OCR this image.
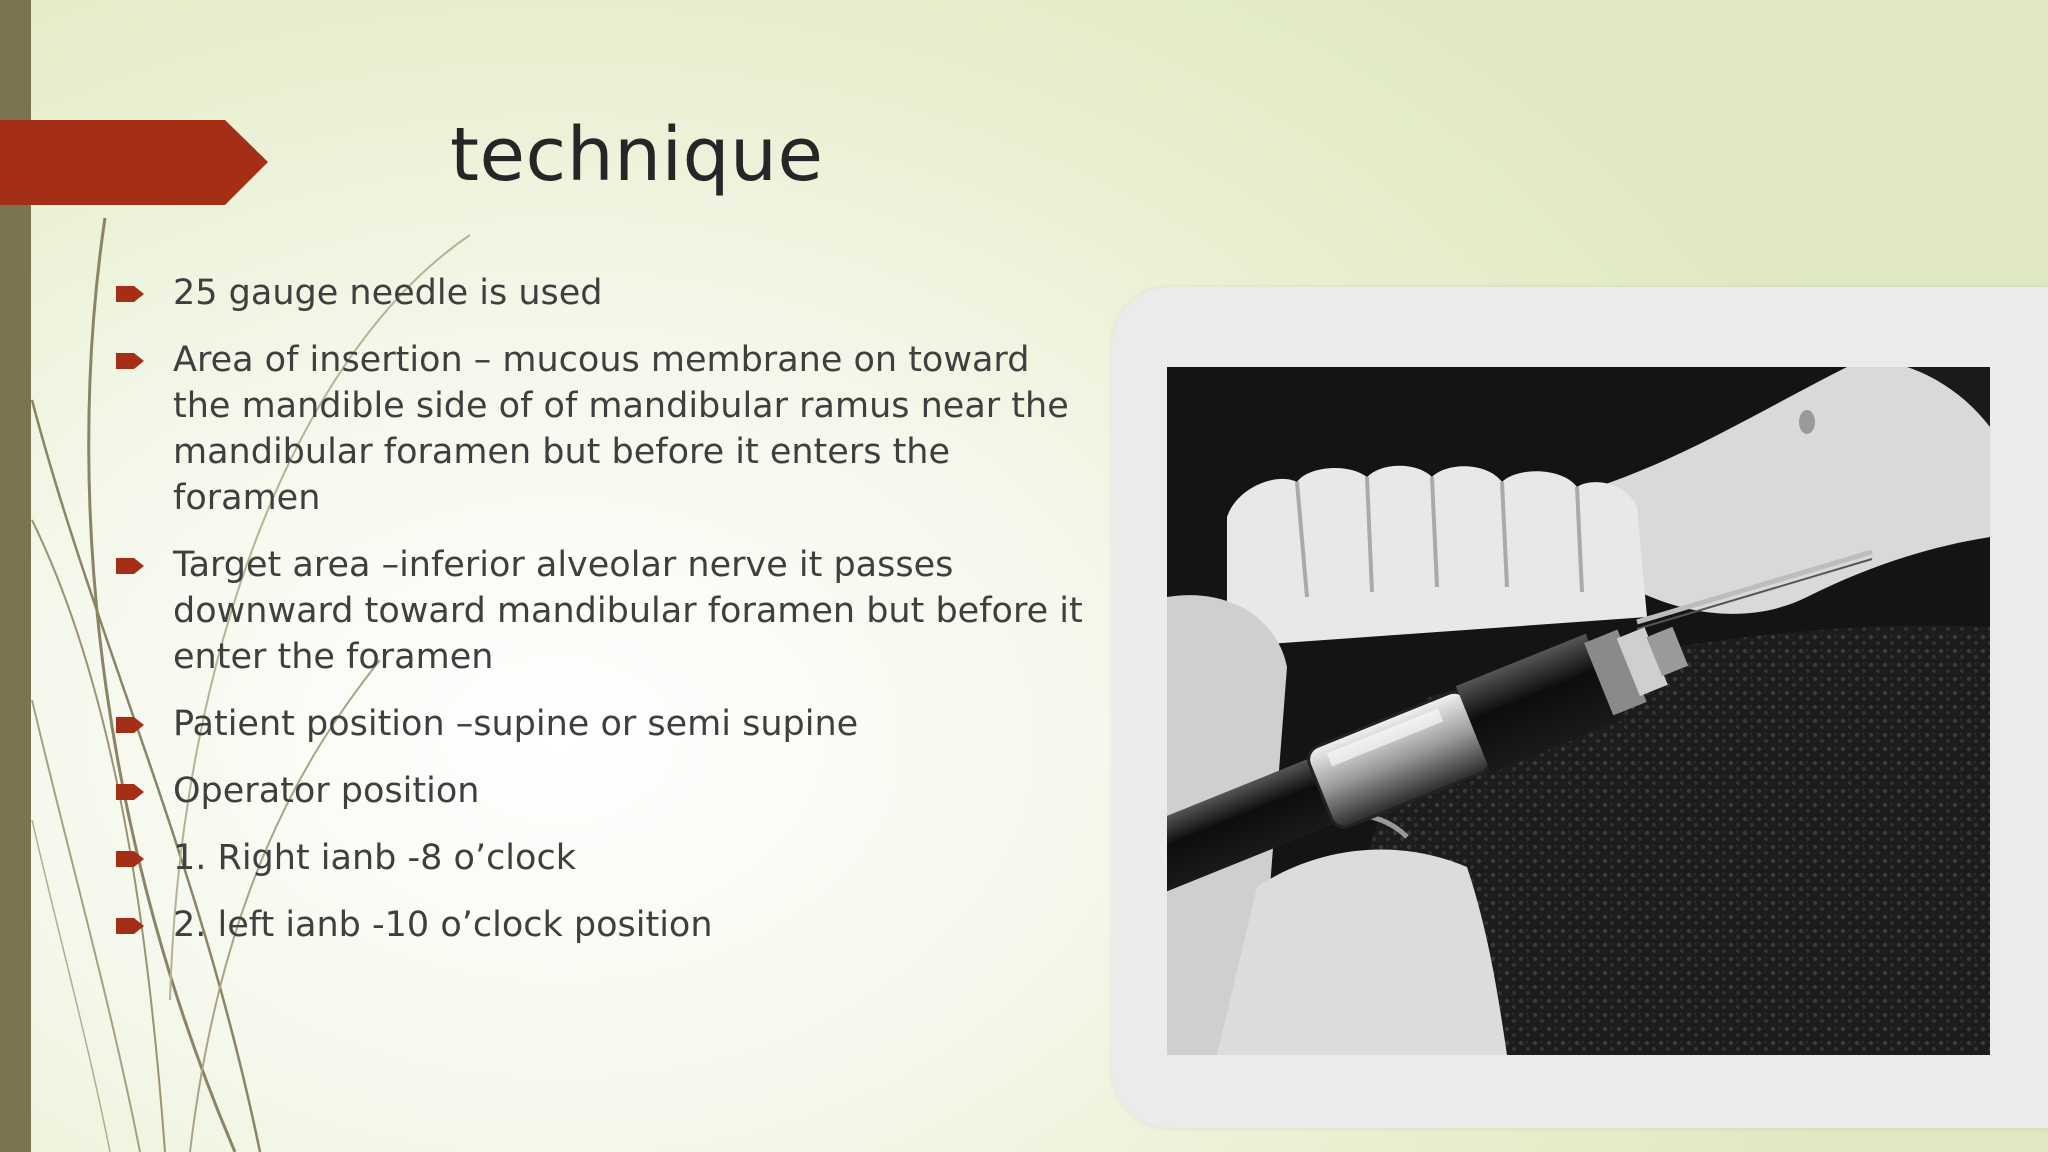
technique
25 gauge needle is used
Area of insertion – mucous membrane on toward the mandible side of of mandibular ramus near the mandibular foramen but before it enters the foramen
Target area –inferior alveolar nerve it passes downward toward mandibular foramen but before it enter the foramen
Patient position –supine or semi supine
Operator position
1. Right ianb -8 o’clock
2. left ianb -10 o’clock position
